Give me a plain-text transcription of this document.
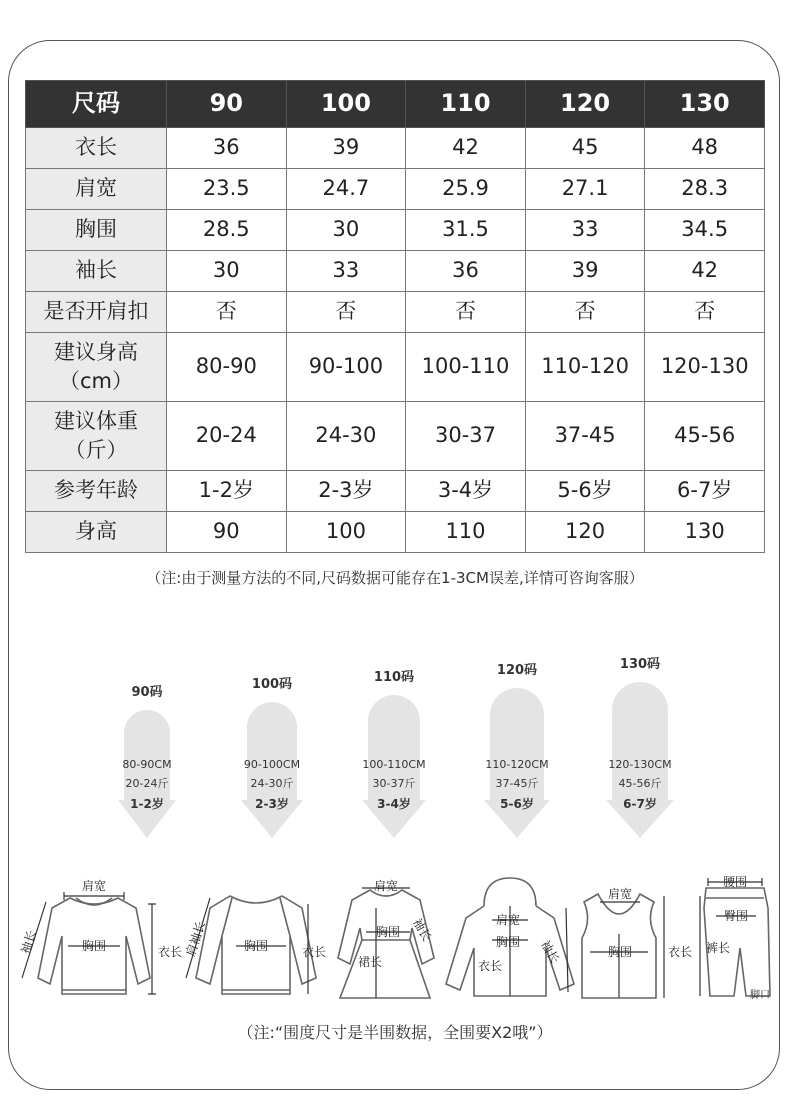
尺码	90	100	110	120	130

衣长	36	39	42	45	48

肩宽	23.5	24.7	25.9	27.1	28.3

胸围	28.5	30	31.5	33	34.5

袖长	30	33	36	39	42

是否开肩扣	否	否	否	否	否

建议身高
（cm）	80-90	90-100	100-110	110-120	120-130

建议体重
（斤）	20-24	24-30	30-37	37-45	45-56

参考年龄	1-2岁	2-3岁	3-4岁	5-6岁	6-7岁

身高	90	100	110	120	130
（注:由于测量方法的不同,尺码数据可能存在1-3CM误差,详情可咨询客服）
90码
80-90CM
20-24斤
1-2岁
100码
90-100CM
24-30斤
2-3岁
110码
100-110CM
30-37斤
3-4岁
120码
110-120CM
37-45斤
5-6岁
130码
120-130CM
45-56斤
6-7岁
肩宽
胸围	衣长
袖长	胸围	衣长
肩袖长
肩宽
胸围
裙长
袖长	肩宽
胸围
衣长
袖长
肩宽
胸围	衣长
腰围
臀围
裤长
脚口
（注:“围度尺寸是半围数据，全围要X2哦”）
